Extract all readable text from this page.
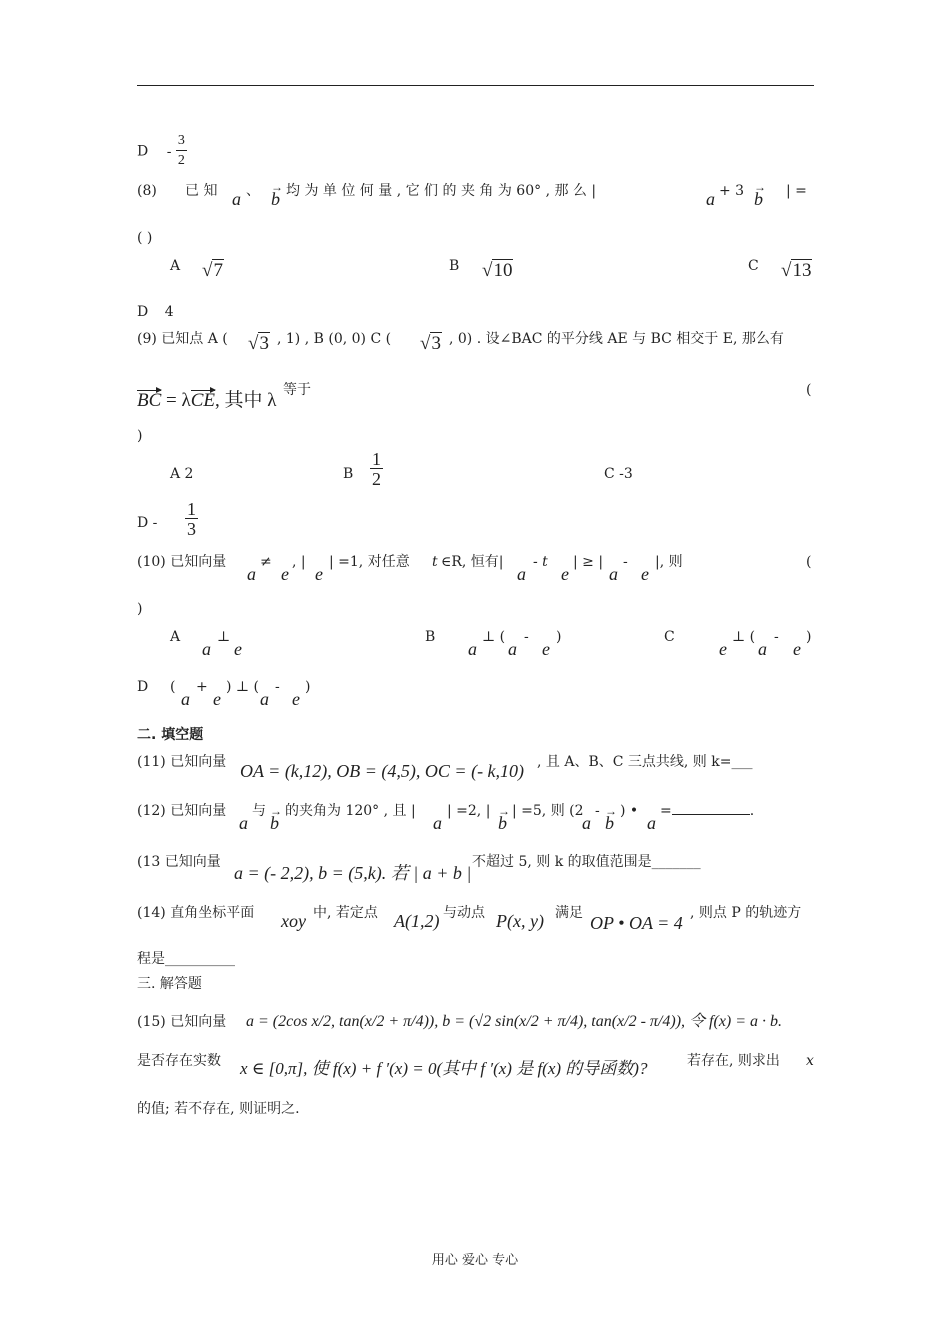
D - $\frac{3}{2}$
(8) 已 知 a 、 → b 均 为 单 位 何 量 , 它 们 的 夹 角 为 60° , 那 么 |	a + 3 → b | =
( )
A √7	B √10	C √13
D 4
(9) 已知点 A ( √3 , 1) , B (0, 0) C ( √3 , 0) . 设∠BAC 的平分线 AE 与 BC 相交于 E, 那么有
BC = λCE, 其中 λ 等于	(
)
A 2	B $\frac{1}{2}$	C -3
D - $\frac{1}{3}$
(10) 已知向量
a
≠
e
, |
e
| =1, 对任意 t ∈R, 恒有|
a
- t
e
| ≥ |
a
-
e
|, 则	(
)
A
a
⊥
e
B
a
⊥ (
a
-
e
)	C
e
⊥ (
a
-
e
)
D (
a
+
e
) ⊥ (
a
-
e
)
二. 填空题
(11) 已知向量 OA = (k,12), OB = (4,5), OC = (- k,10) , 且 A、B、C 三点共线, 则 k=___
(12) 已知向量
a
与
→ b
的夹角为 120° , 且 |
a
| =2, |
→ b
| =5, 则 (2
a
-
→ b
) •
a
=	.
(13 已知向量
a = (- 2,2), b = (5,k). 若 | a + b |
不超过 5, 则 k 的取值范围是_______
(14) 直角坐标平面 xoy 中, 若定点 A(1,2) 与动点 P(x, y) 满足 OP • OA = 4 , 则点 P 的轨迹方
程是__________
三. 解答题
(15) 已知向量 a = (2cos x/2, tan(x/2 + π/4)), b = (√2 sin(x/2 + π/4), tan(x/2 - π/4)), 令 f(x) = a · b.
是否存在实数 x ∈ [0,π], 使 f(x) + f ′(x) = 0(其中 f ′(x) 是 f(x) 的导函数)?	若存在, 则求出 x
的值; 若不存在, 则证明之.
用心 爱心 专心
